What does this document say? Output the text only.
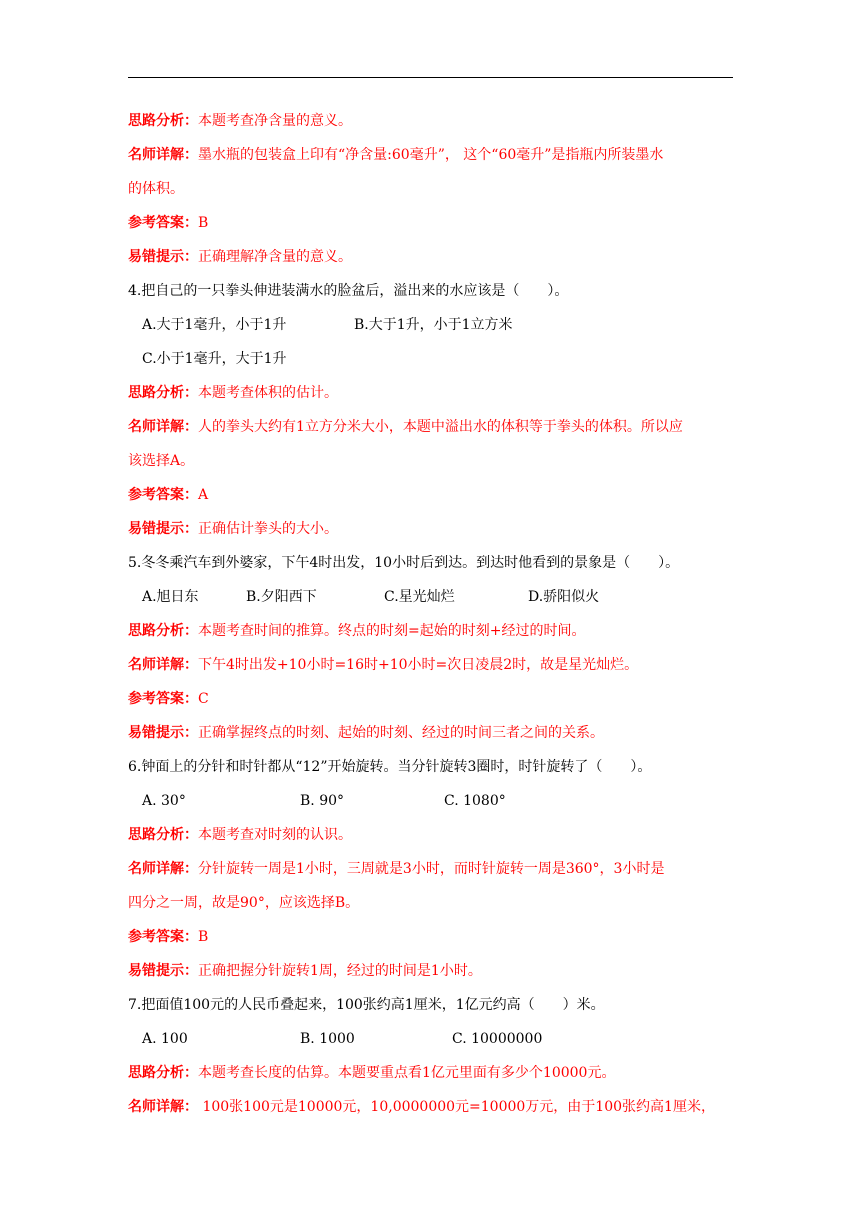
思路分析：本题考查净含量的意义。
名师详解：墨水瓶的包装盒上印有“净含量:60毫升”， 这个“60毫升”是指瓶内所装墨水
的体积。
参考答案：B
易错提示：正确理解净含量的意义。
4.把自己的一只拳头伸进装满水的脸盆后，溢出来的水应该是（　　）。
A.大于1毫升，小于1升	B.大于1升，小于1立方米
C.小于1毫升，大于1升
思路分析：本题考查体积的估计。
名师详解：人的拳头大约有1立方分米大小，本题中溢出水的体积等于拳头的体积。所以应
该选择A。
参考答案：A
易错提示：正确估计拳头的大小。
5.冬冬乘汽车到外婆家，下午4时出发，10小时后到达。到达时他看到的景象是（　　）。
A.旭日东	B.夕阳西下	C.星光灿烂	D.骄阳似火
思路分析：本题考查时间的推算。终点的时刻=起始的时刻+经过的时间。
名师详解：下午4时出发+10小时=16时+10小时=次日凌晨2时，故是星光灿烂。
参考答案：C
易错提示：正确掌握终点的时刻、起始的时刻、经过的时间三者之间的关系。
6.钟面上的分针和时针都从“12”开始旋转。当分针旋转3圈时，时针旋转了（　　）。
A. 30°	B. 90°	C. 1080°
思路分析：本题考查对时刻的认识。
名师详解：分针旋转一周是1小时，三周就是3小时，而时针旋转一周是360°，3小时是
四分之一周，故是90°，应该选择B。
参考答案：B
易错提示：正确把握分针旋转1周，经过的时间是1小时。
7.把面值100元的人民币叠起来，100张约高1厘米，1亿元约高（　　）米。
A. 100	B. 1000	C. 10000000
思路分析：本题考查长度的估算。本题要重点看1亿元里面有多少个10000元。
名师详解： 100张100元是10000元，10,0000000元=10000万元，由于100张约高1厘米，
